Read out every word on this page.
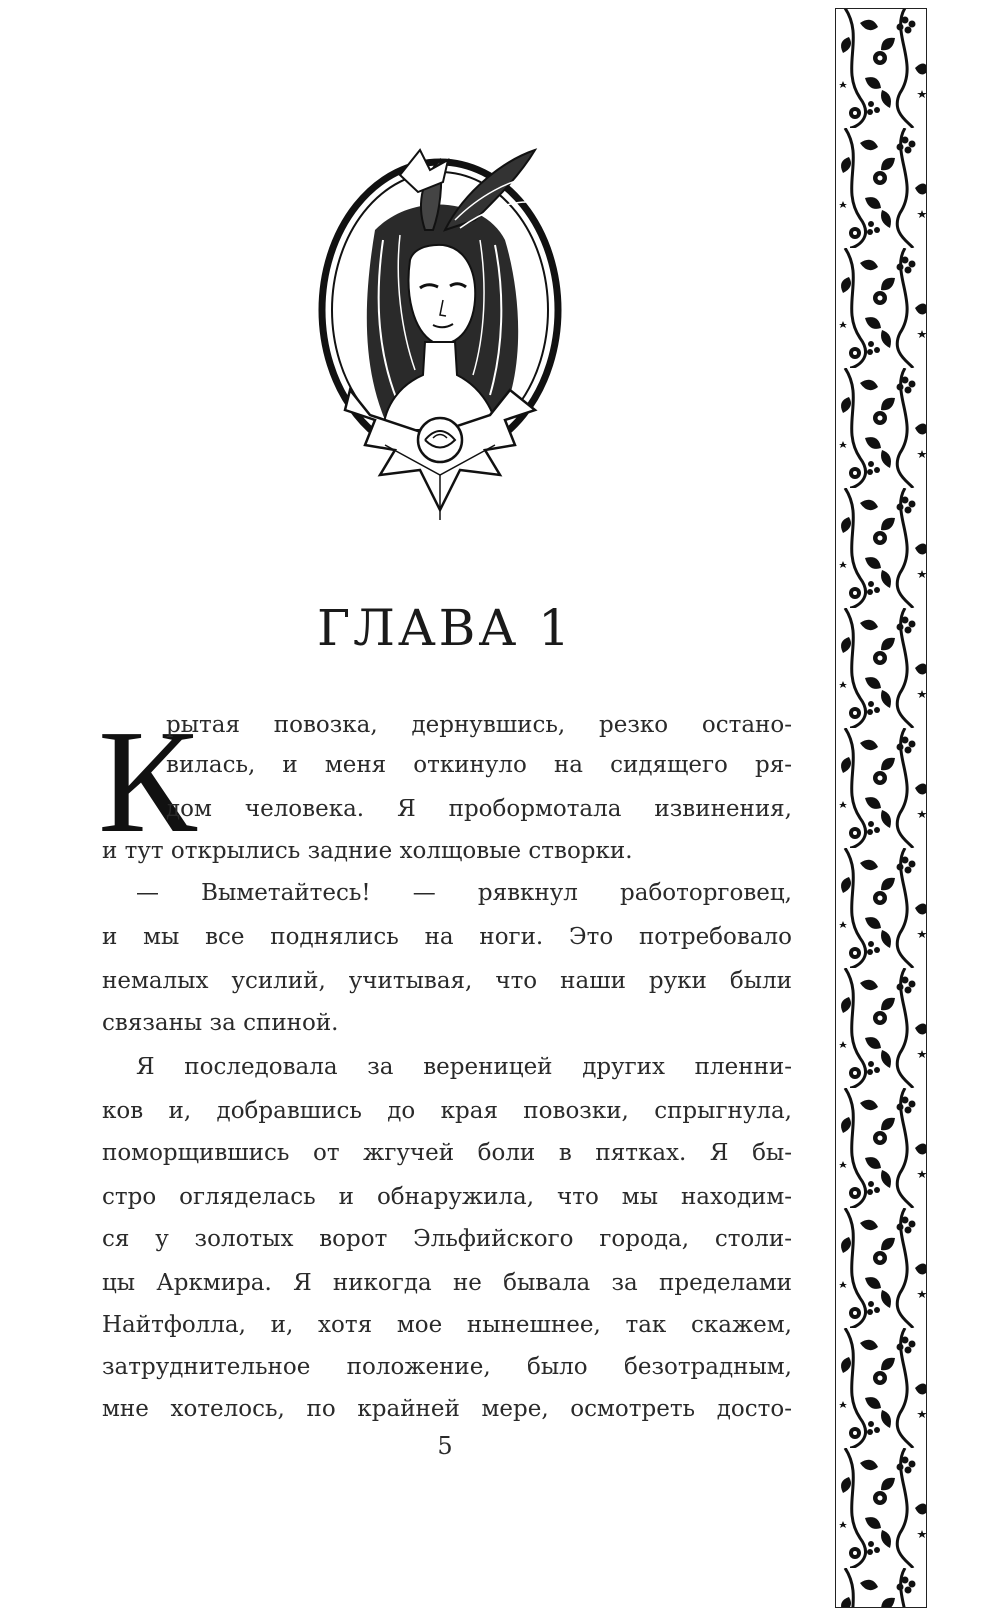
ГЛАВА 1
К
рытая повозка, дернувшись, резко остано-
вилась, и меня откинуло на сидящего ря-
дом человека. Я пробормотала извинения,
и тут открылись задние холщовые створки.
— Выметайтесь! — рявкнул работорговец,
и мы все поднялись на ноги. Это потребовало
немалых усилий, учитывая, что наши руки были
связаны за спиной.
Я последовала за вереницей других пленни-
ков и, добравшись до края повозки, спрыгнула,
поморщившись от жгучей боли в пятках. Я бы-
стро огляделась и обнаружила, что мы находим-
ся у золотых ворот Эльфийского города, столи-
цы Аркмира. Я никогда не бывала за пределами
Найтфолла, и, хотя мое нынешнее, так скажем,
затруднительное положение, было безотрадным,
мне хотелось, по крайней мере, осмотреть досто-
5
